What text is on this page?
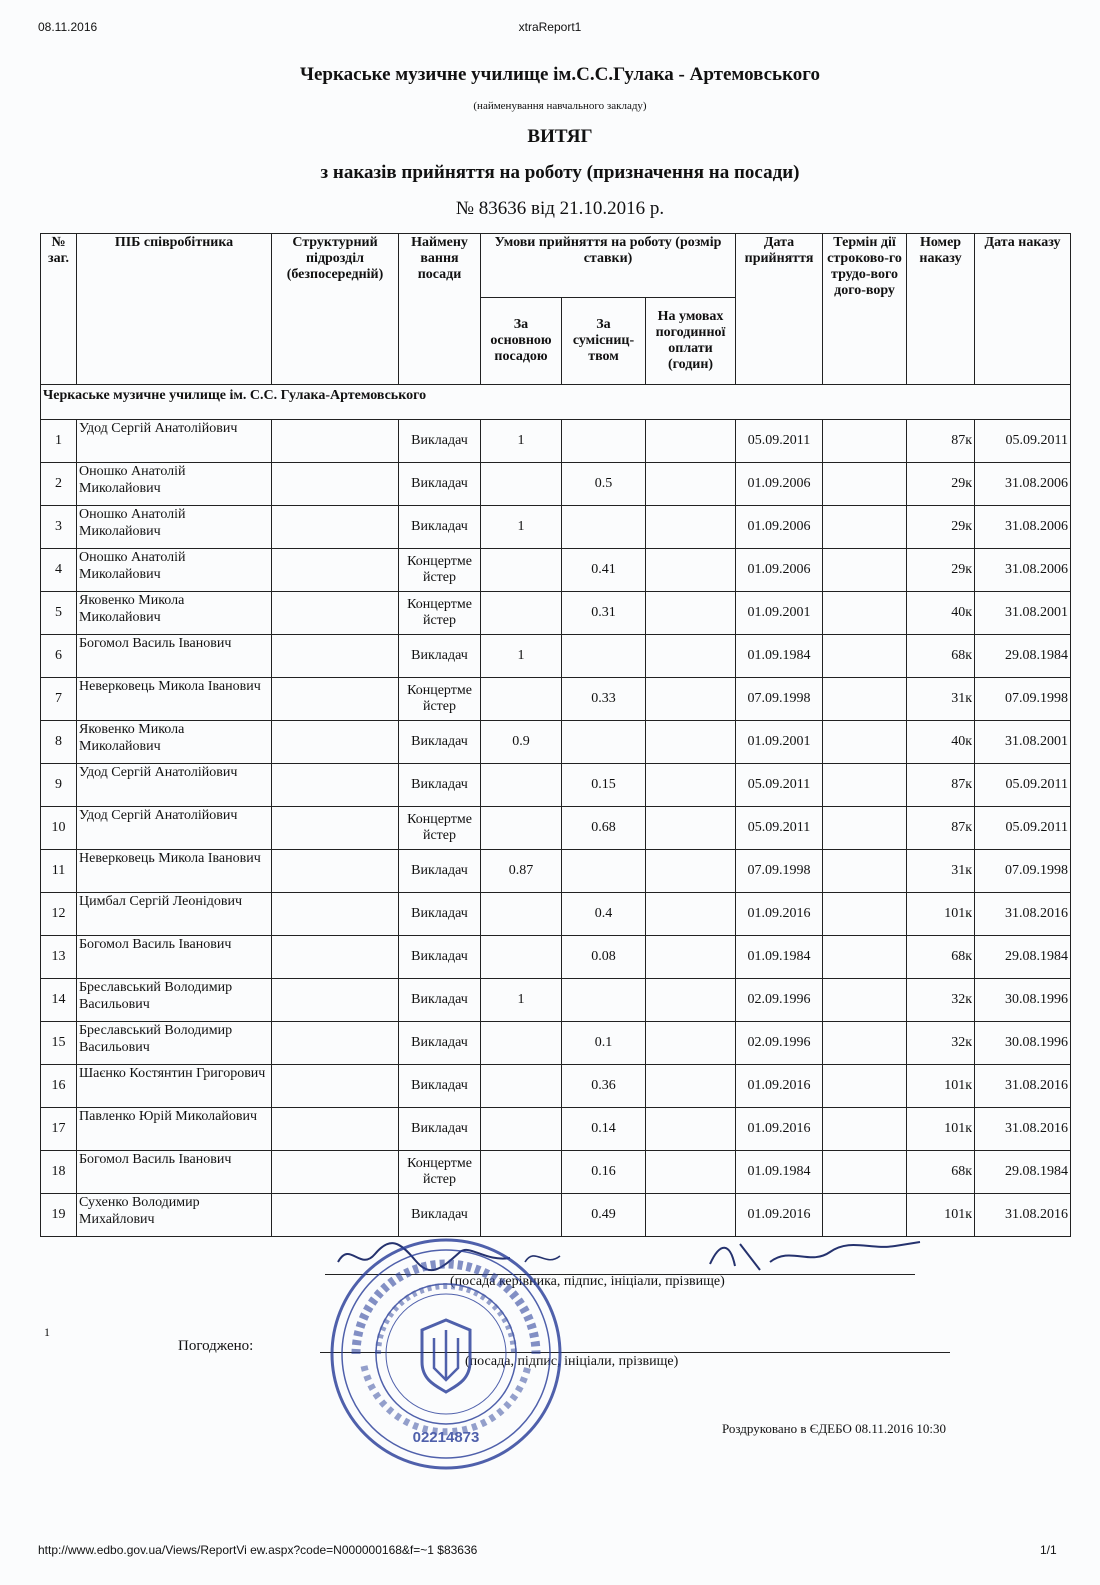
08.11.2016	xtraReport1
Черкаське музичне училище ім.С.С.Гулака - Артемовського
(найменування навчального закладу)
ВИТЯГ
з наказів прийняття на роботу (призначення на посади)
№ 83636 від 21.10.2016 р.
№ заг.	ПІБ співробітника	Структурний підрозділ (безпосередній)	Наймену вання посади	Умови прийняття на роботу (розмір ставки)			Дата прийняття	Термін дії строково-го трудо-вого дого-вору	Номер наказу	Дата наказу
				За основною посадою	За сумісниц-твом	На умовах погодинної оплати (годин)				
Черкаське музичне училище ім. С.С. Гулака-Артемовського										
1	Удод Сергій Анатолійович		Викладач	1			05.09.2011		87к	05.09.2011
2	Оношко Анатолій Миколайович		Викладач		0.5		01.09.2006		29к	31.08.2006
3	Оношко Анатолій Миколайович		Викладач	1			01.09.2006		29к	31.08.2006
4	Оношко Анатолій Миколайович		Концертме йстер		0.41		01.09.2006		29к	31.08.2006
5	Яковенко Микола Миколайович		Концертме йстер		0.31		01.09.2001		40к	31.08.2001
6	Богомол Василь Іванович		Викладач	1			01.09.1984		68к	29.08.1984
7	Неверковець Микола Іванович		Концертме йстер		0.33		07.09.1998		31к	07.09.1998
8	Яковенко Микола Миколайович		Викладач	0.9			01.09.2001		40к	31.08.2001
9	Удод Сергій Анатолійович		Викладач		0.15		05.09.2011		87к	05.09.2011
10	Удод Сергій Анатолійович		Концертме йстер		0.68		05.09.2011		87к	05.09.2011
11	Неверковець Микола Іванович		Викладач	0.87			07.09.1998		31к	07.09.1998
12	Цимбал Сергій Леонідович		Викладач		0.4		01.09.2016		101к	31.08.2016
13	Богомол Василь Іванович		Викладач		0.08		01.09.1984		68к	29.08.1984
14	Бреславський Володимир Васильович		Викладач	1			02.09.1996		32к	30.08.1996
15	Бреславський Володимир Васильович		Викладач		0.1		02.09.1996		32к	30.08.1996
16	Шаєнко Костянтин Григорович		Викладач		0.36		01.09.2016		101к	31.08.2016
17	Павленко Юрій Миколайович		Викладач		0.14		01.09.2016		101к	31.08.2016
18	Богомол Василь Іванович		Концертме йстер		0.16		01.09.1984		68к	29.08.1984
19	Сухенко Володимир Михайлович		Викладач		0.49		01.09.2016		101к	31.08.2016
(посада керівника, підпис, ініціали, прізвище)
1
Погоджено:
(посада, підпис, ініціали, прізвище)
02214873
Роздруковано в ЄДЕБО 08.11.2016 10:30
http://www.edbo.gov.ua/Views/ReportVi ew.aspx?code=N000000168&f=~1 $83636	1/1
